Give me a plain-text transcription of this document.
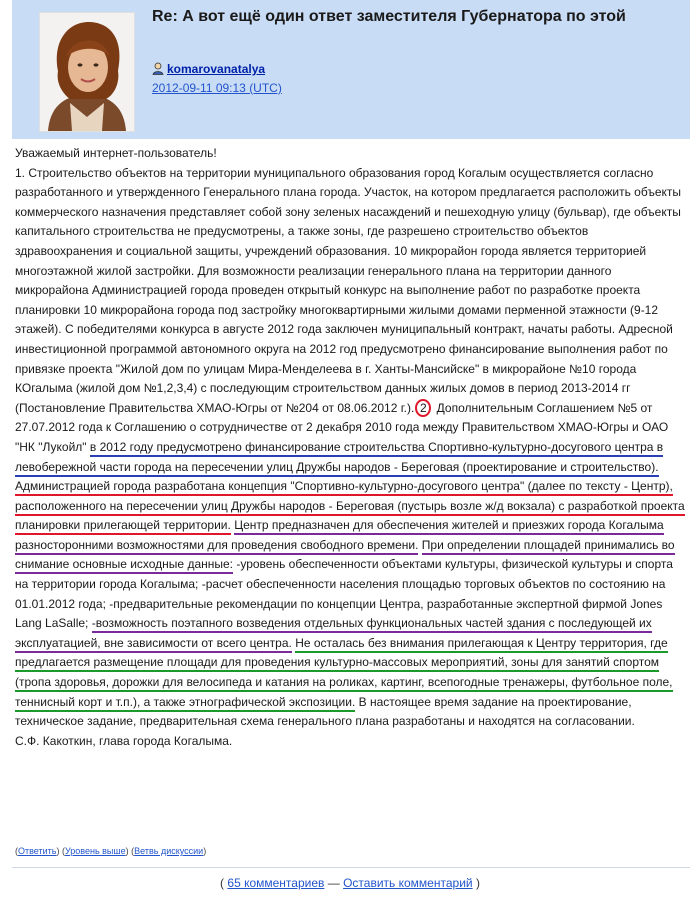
Re: А вот ещё один ответ заместителя Губернатора по этой
komarovanatalya
2012-09-11 09:13 (UTC)
Уважаемый интернет-пользователь!
1. Строительство объектов на территории муниципального образования город Когалым осуществляется согласно разработанного и утвержденного Генерального плана города. Участок, на котором предлагается расположить объекты коммерческого назначения представляет собой зону зеленых насаждений и пешеходную улицу (бульвар), где объекты капитального строительства не предусмотрены, а также зоны, где разрешено строительство объектов здравоохранения и социальной защиты, учреждений образования. 10 микрорайон города является территорией многоэтажной жилой застройки. Для возможности реализации генерального плана на территории данного микрорайона Администрацией города проведен открытый конкурс на выполнение работ по разработке проекта планировки 10 микрорайона города под застройку многоквартирными жилыми домами перменной этажности (9-12 этажей). С победителями конкурса в августе 2012 года заключен муниципальный контракт, начаты работы. Адресной инвестиционной программой автономного округа на 2012 год предусмотрено финансирование выполнения работ по привязке проекта "Жилой дом по улицам Мира-Менделеева в г. Ханты-Мансийске" в микрорайоне №10 города КОгалыма (жилой дом №1,2,3,4) с последующим строительством данных жилых домов в период 2013-2014 гг (Постановление Правительства ХМАО-Югры от №204 от 08.06.2012 г.). 2 Дополнительным Соглашением №5 от 27.07.2012 года к Соглашению о сотрудничестве от 2 декабря 2010 года между Правительством ХМАО-Югры и ОАО "НК "Лукойл" в 2012 году предусмотрено финансирование строительства Спортивно-культурно-досугового центра в левобережной части города на пересечении улиц Дружбы народов - Береговая (проектирование и строительство). Администрацией города разработана концепция "Спортивно-культурно-досугового центра" (далее по тексту - Центр), расположенного на пересечении улиц Дружбы народов - Береговая (пустырь возле ж/д вокзала) с разработкой проекта планировки прилегающей территории. Центр предназначен для обеспечения жителей и приезжих города Когалыма разносторонними возможностями для проведения свободного времени. При определении площадей принимались во снимание основные исходные данные: -уровень обеспеченности объектами культуры, физической культуры и спорта на территории города Когалыма; -расчет обеспеченности населения площадью торговых объектов по состоянию на 01.01.2012 года; -предварительные рекомендации по концепции Центра, разработанные экспертной фирмой Jones Lang LaSalle; -возможность поэтапного возведения отдельных функциональных частей здания с последующей их эксплуатацией, вне зависимости от всего центра. Не осталась без внимания прилегающая к Центру территория, где предлагается размещение площади для проведения культурно-массовых мероприятий, зоны для занятий спортом (тропа здоровья, дорожки для велосипеда и катания на роликах, картинг, всепогодные тренажеры, футбольное поле, теннисный корт и т.п.), а также этнографической экспозиции. В настоящее время задание на проектирование, техническое задание, предварительная схема генерального плана разработаны и находятся на согласовании.
С.Ф. Какоткин, глава города Когалыма.
(Ответить) (Уровень выше) (Ветвь дискуссии)
( 65 комментариев — Оставить комментарий )
